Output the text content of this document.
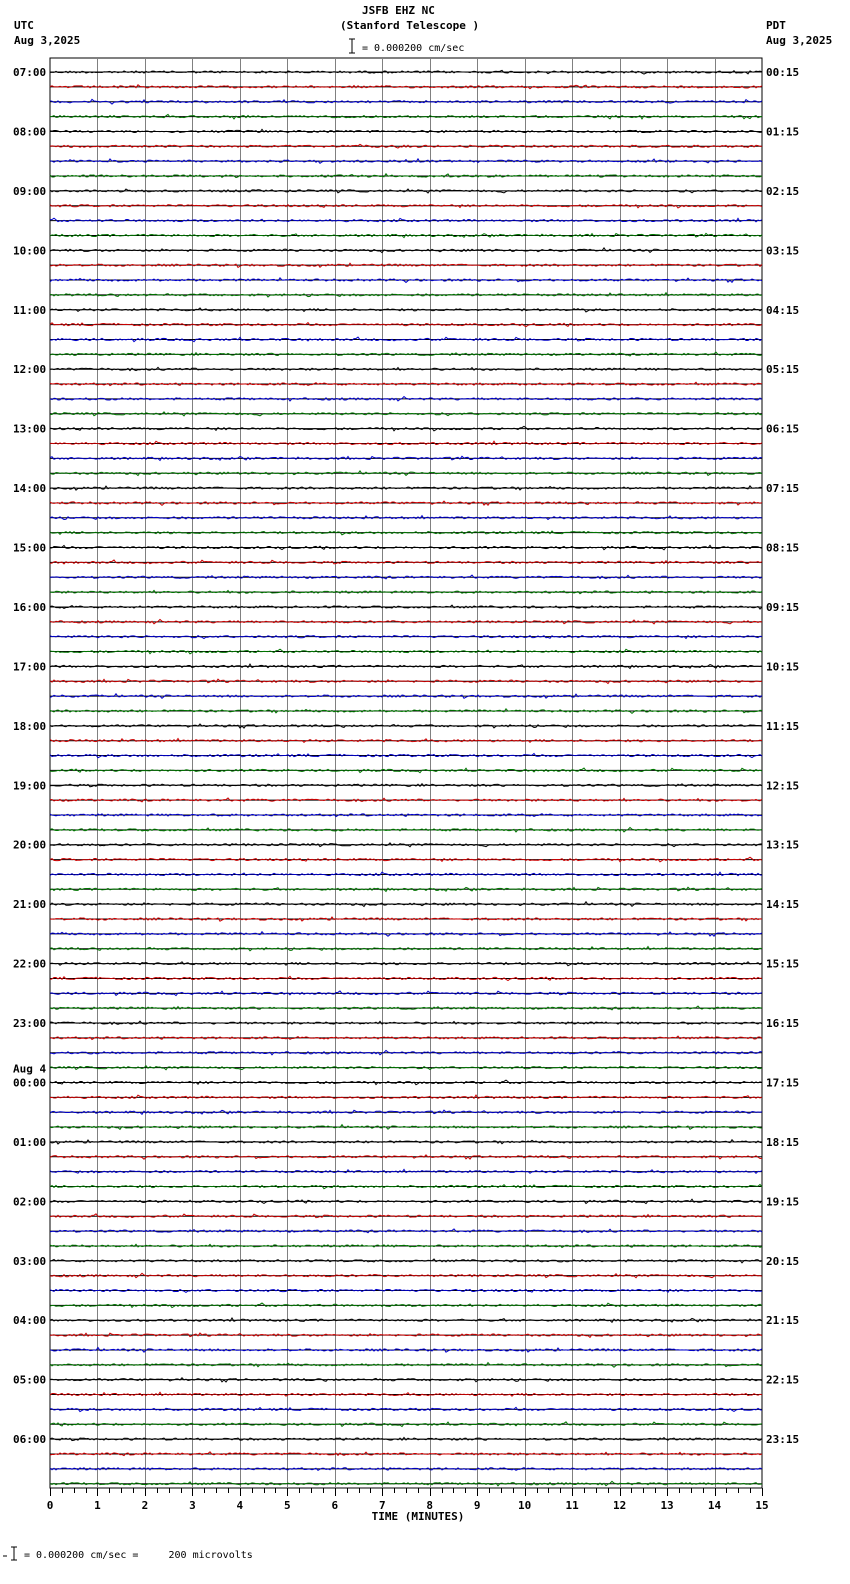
JSFB EHZ NC
(Stanford Telescope )
= 0.000200 cm/sec
UTC
Aug 3,2025
PDT
Aug 3,2025
07:00	00:15
08:00	01:15
09:00	02:15
10:00	03:15
11:00	04:15
12:00	05:15
13:00	06:15
14:00	07:15
15:00	08:15
16:00	09:15
17:00	10:15
18:00	11:15
19:00	12:15
20:00	13:15
21:00	14:15
22:00	15:15
23:00	16:15
00:00	17:15
Aug 4
01:00	18:15
02:00	19:15
03:00	20:15
04:00	21:15
05:00	22:15
06:00	23:15
0	1	2	3	4	5	6	7	8	9	10	11	12	13	14	15
TIME (MINUTES)
= 0.000200 cm/sec =     200 microvolts
